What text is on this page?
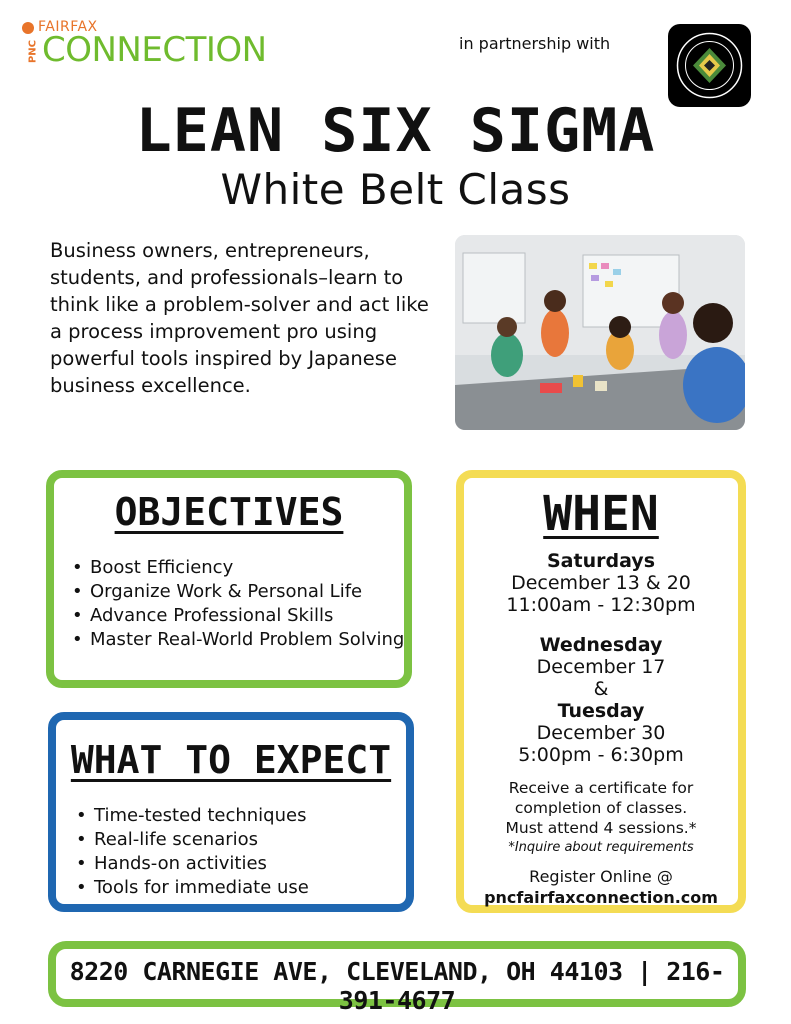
PNC
FAIRFAX
CONNECTION	in partnership with
LEAN SIX SIGMA
White Belt Class
Business owners, entrepreneurs, students, and professionals–learn to think like a problem-solver and act like a process improvement pro using powerful tools inspired by Japanese business excellence.
OBJECTIVES
• Boost Efficiency
• Organize Work & Personal Life
• Advance Professional Skills
• Master Real-World Problem Solving
WHAT TO EXPECT
• Time-tested techniques
• Real-life scenarios
• Hands-on activities
• Tools for immediate use
WHEN
Saturdays
December 13 & 20
11:00am - 12:30pm
Wednesday
December 17
&
Tuesday
December 30
5:00pm - 6:30pm
Receive a certificate for
completion of classes.
Must attend 4 sessions.*
*Inquire about requirements
Register Online @
pncfairfaxconnection.com
8220 CARNEGIE AVE, CLEVELAND, OH 44103 | 216-391-4677
